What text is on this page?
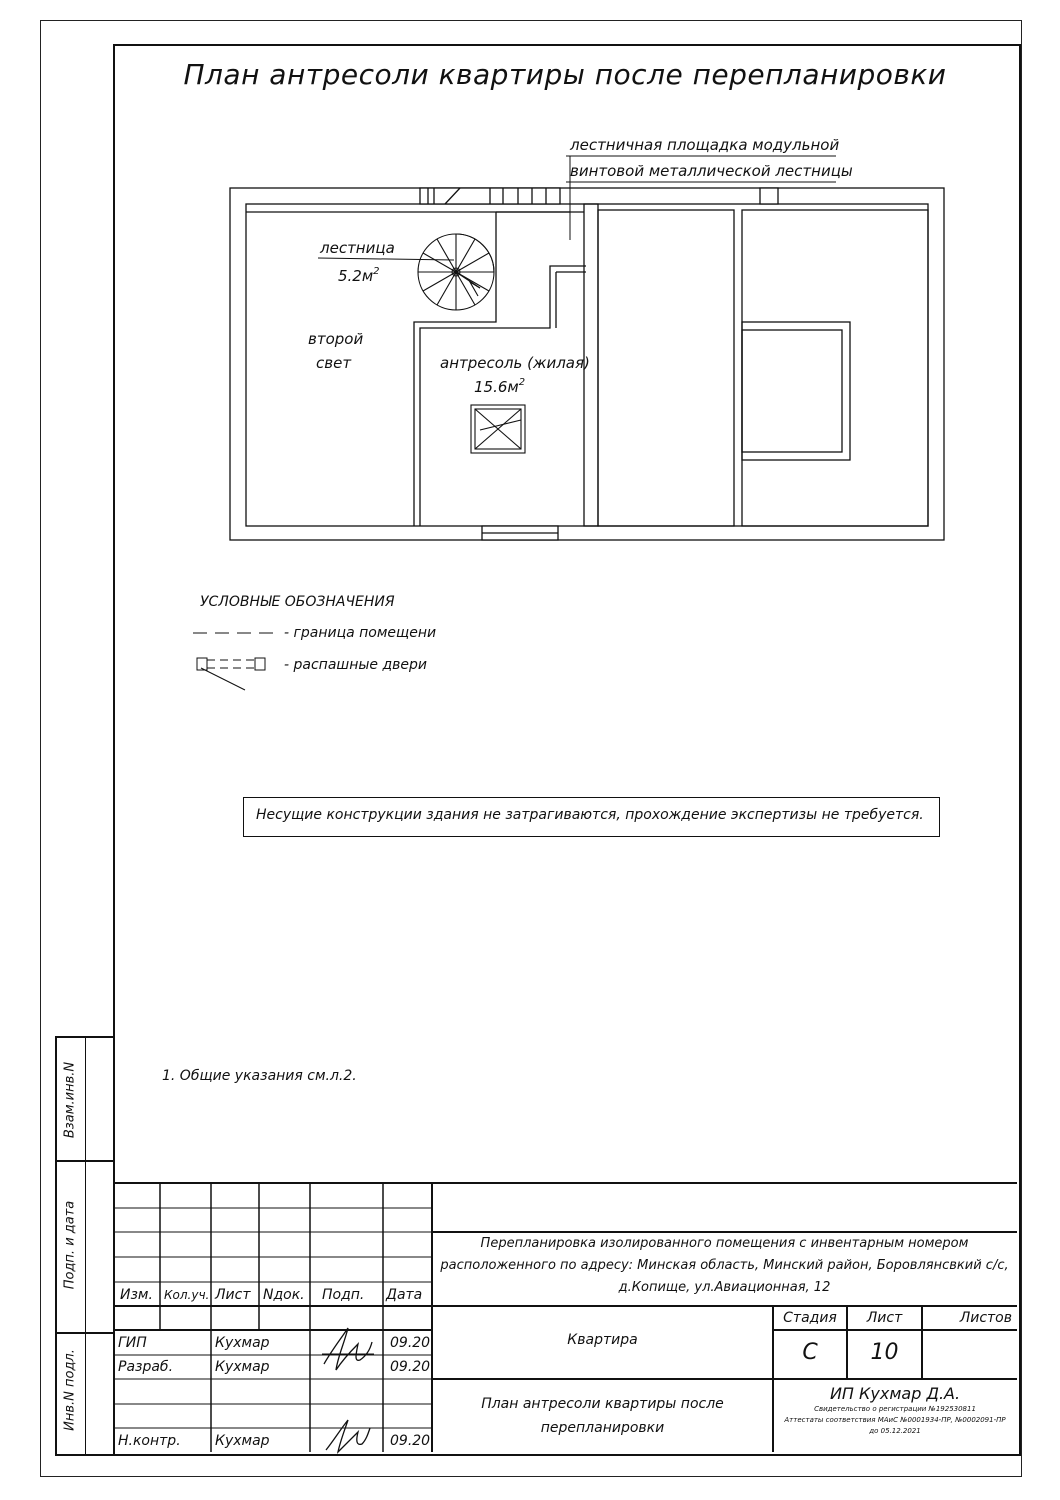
План антресоли квартиры после перепланировки
лестничная площадка модульной
винтовой металлической лестницы
лестница
$5.2м^2$
второй
свет	антресоль (жилая)
$15.6м^2$
УСЛОВНЫЕ ОБОЗНАЧЕНИЯ
- граница помещени
- распашные двери
Несущие конструкции здания не затрагиваются, прохождение экспертизы не требуется.
1. Общие указания см.л.2.
Взам.инв.N
Подп. и дата
Инв.N подл.
Изм. Кол.уч. Лист Nдок. Подп. Дата
ГИП	Кухмар	09.20
Разраб.	Кухмар	09.20
Н.контр. Кухмар	09.20
Перепланировка изолированного помещения с инвентарным номером
расположенного по адресу: Минская область, Минский район, Боровлянсвкий с/с,
д.Копище, ул.Авиационная, 12
Квартира
План антресоли квартиры после
перепланировки
Стадия	Лист	Листов
С	10
ИП Кухмар Д.А.
Свидетельство о регистрации №192530811
Аттестаты соответствия МАиС №0001934-ПР, №0002091-ПР
до 05.12.2021
